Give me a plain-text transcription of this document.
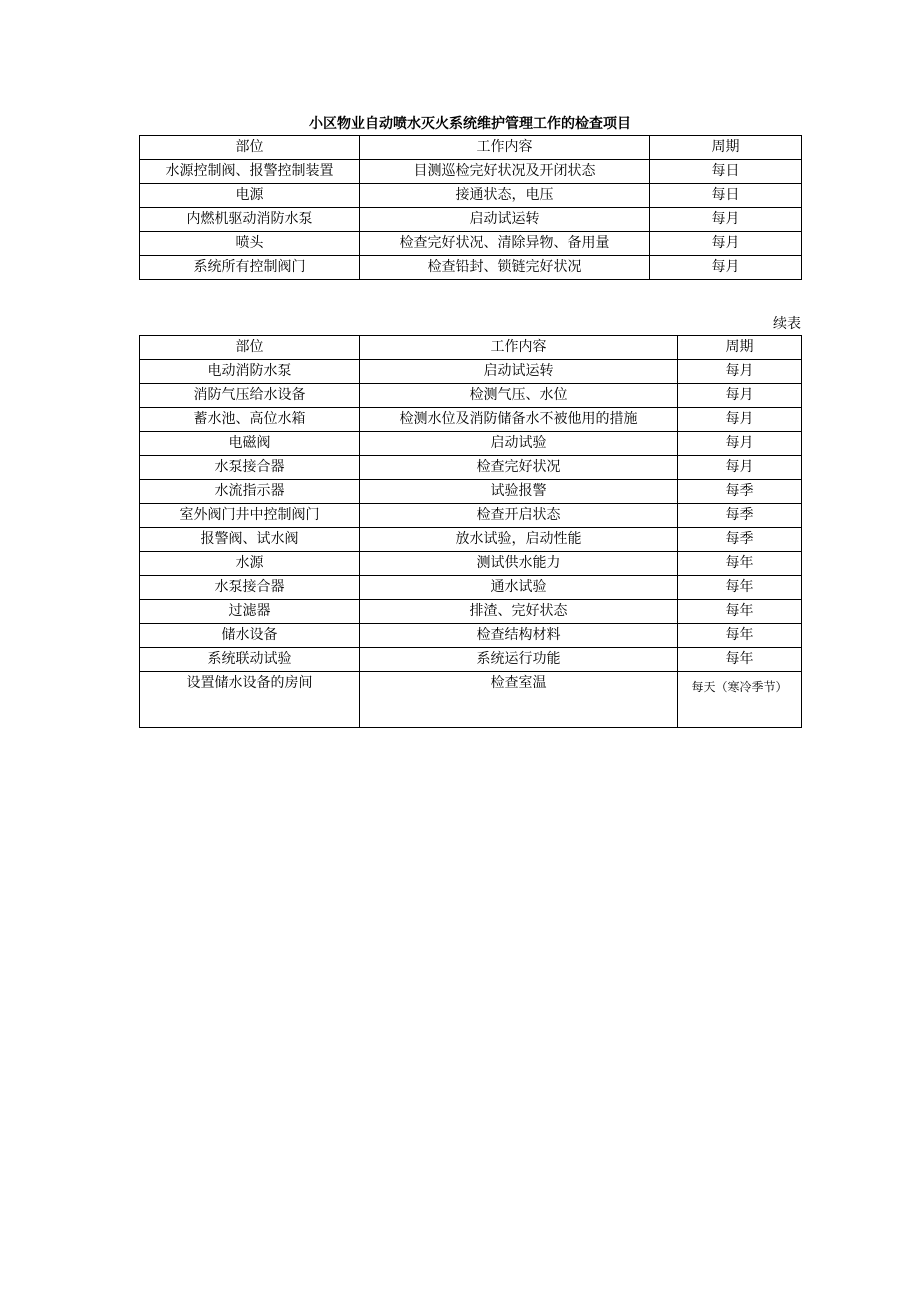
小区物业自动喷水灭火系统维护管理工作的检查项目
部位	工作内容	周期
水源控制阀、报警控制装置	目测巡检完好状况及开闭状态	每日
电源	接通状态，电压	每日
内燃机驱动消防水泵	启动试运转	每月
喷头	检查完好状况、清除异物、备用量	每月
系统所有控制阀门	检查铅封、锁链完好状况	每月
续表
部位	工作内容	周期
电动消防水泵	启动试运转	每月
消防气压给水设备	检测气压、水位	每月
蓄水池、高位水箱	检测水位及消防储备水不被他用的措施	每月
电磁阀	启动试验	每月
水泵接合器	检查完好状况	每月
水流指示器	试验报警	每季
室外阀门井中控制阀门	检查开启状态	每季
报警阀、试水阀	放水试验，启动性能	每季
水源	测试供水能力	每年
水泵接合器	通水试验	每年
过滤器	排渣、完好状态	每年
储水设备	检查结构材料	每年
系统联动试验	系统运行功能	每年
设置储水设备的房间	检查室温	每天（寒冷季节）
